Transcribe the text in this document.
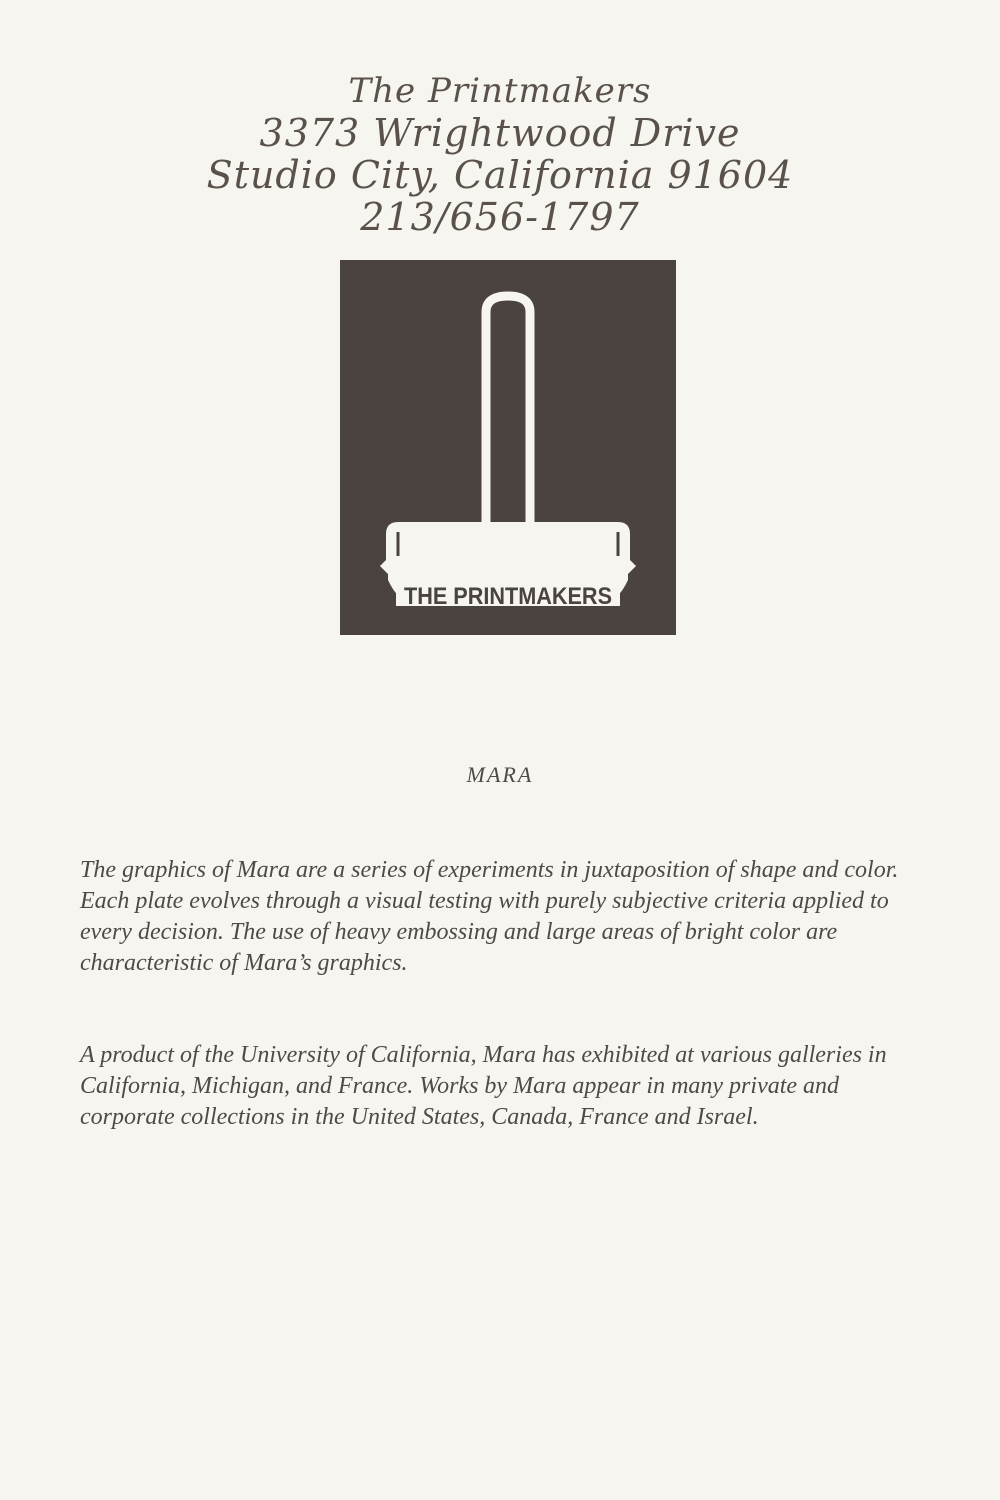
The Printmakers
3373 Wrightwood Drive
Studio City, California 91604
213/656-1797
THE PRINTMAKERS
MARA

The graphics of Mara are a series of experiments in juxtaposition of shape and color. Each plate evolves through a visual testing with purely subjective criteria applied to every decision. The use of heavy embossing and large areas of bright color are characteristic of Mara’s graphics.

A product of the University of California, Mara has exhibited at various galleries in California, Michigan, and France. Works by Mara appear in many private and corporate collections in the United States, Canada, France and Israel.
